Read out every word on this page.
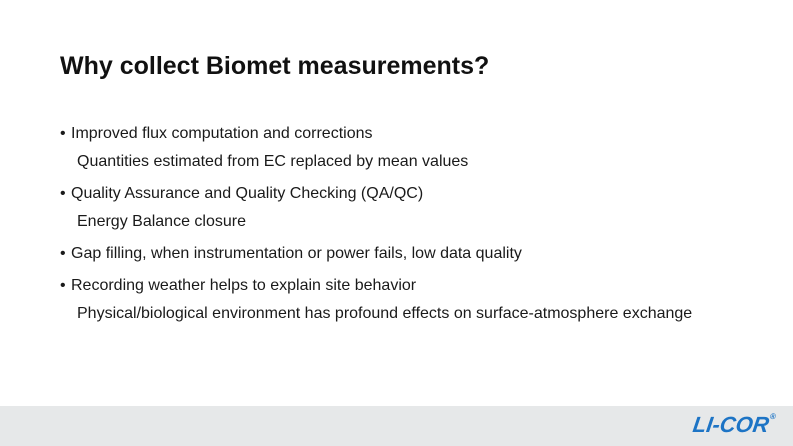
Why collect Biomet measurements?
• Improved flux computation and corrections
Quantities estimated from EC replaced by mean values
• Quality Assurance and Quality Checking (QA/QC)
Energy Balance closure
• Gap filling, when instrumentation or power fails, low data quality
• Recording weather helps to explain site behavior
Physical/biological environment has profound effects on surface-atmosphere exchange
LI-COR®
